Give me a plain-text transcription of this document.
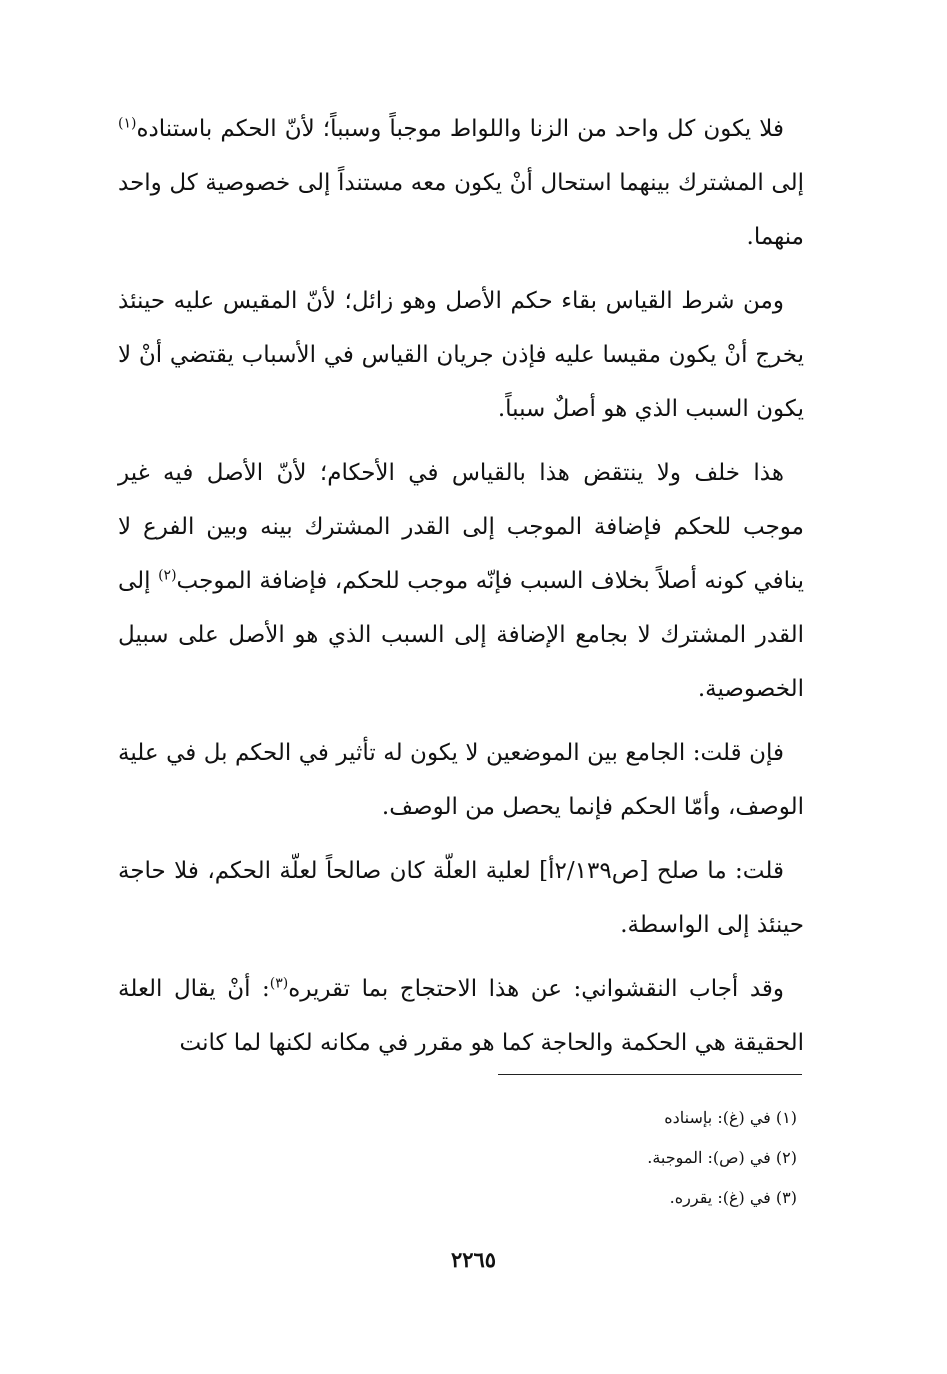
فلا يكون كل واحد من الزنا واللواط موجباً وسبباً؛ لأنّ الحكم باستناده$^{(١)}$ إلى المشترك بينهما استحال أنْ يكون معه مستنداً إلى خصوصية كل واحد منهما.

ومن شرط القياس بقاء حكم الأصل وهو زائل؛ لأنّ المقيس عليه حينئذ يخرج أنْ يكون مقيسا عليه فإذن جريان القياس في الأسباب يقتضي أنْ لا يكون السبب الذي هو أصلٌ سبباً.

هذا خلف ولا ينتقض هذا بالقياس في الأحكام؛ لأنّ الأصل فيه غير موجب للحكم فإضافة الموجب إلى القدر المشترك بينه وبين الفرع لا ينافي كونه أصلاً بخلاف السبب فإنّه موجب للحكم، فإضافة الموجب$^{(٢)}$ إلى القدر المشترك لا بجامع الإضافة إلى السبب الذي هو الأصل على سبيل الخصوصية.

فإن قلت: الجامع بين الموضعين لا يكون له تأثير في الحكم بل في علية الوصف، وأمّا الحكم فإنما يحصل من الوصف.

قلت: ما صلح [ص٢/١٣٩أ] لعلية العلّة كان صالحاً لعلّة الحكم، فلا حاجة حينئذ إلى الواسطة.

وقد أجاب النقشواني: عن هذا الاحتجاج بما تقريره$^{(٣)}$: أنْ يقال العلة الحقيقة هي الحكمة والحاجة كما هو مقرر في مكانه لكنها لما كانت

(١) في (غ): بإسناده
(٢) في (ص): الموجبة.
(٣) في (غ): يقرره.
٢٢٦٥
